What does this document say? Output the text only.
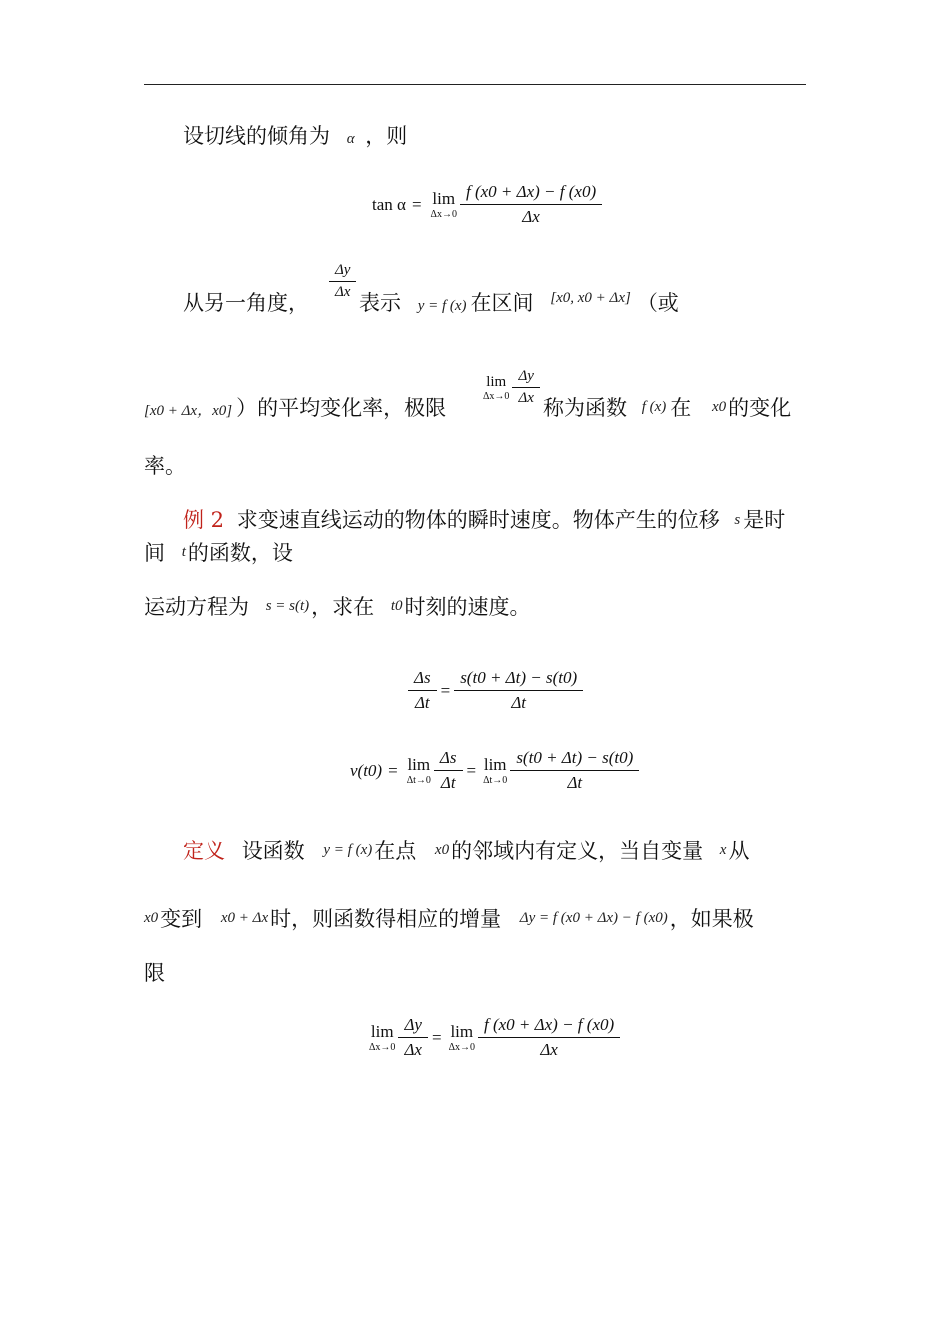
设切线的倾角为 α ，则
tan α = lim
$\Delta x\to 0 \frac{f (x0 + \Delta x) - f (x0)}{\Delta x}$
从另一角度，
$\frac{\Delta y}{\Delta x}$
表示 y = f (x) 在区间 [x0, x0 + Δx] （或
[x0 + Δx，x0] ）的平均变化率，极限
lim
$\Delta x\to 0 \frac{\Delta y}{\Delta x}$
称为函数 f (x) 在 x0的变化
率。
例 2 求变速直线运动的物体的瞬时速度。物体产生的位移 s 是时
间 t的函数，设
运动方程为 s = s(t)，求在 t0时刻的速度。
$\frac{\Delta s}{\Delta t} = \frac{s(t0 + \Delta t) - s(t0)}{\Delta t}$
v(t0) = lim
$\Delta t\to 0 \frac{\Delta s}{\Delta t} = \lim$
$\Delta t\to 0 \frac{s(t0 + \Delta t) - s(t0)}{\Delta t}$
定义 设函数 y = f (x)在点 x0的邻域内有定义，当自变量 x从
x0变到 x0 + Δx时，则函数得相应的增量 Δy = f (x0 + Δx) − f (x0)，如果极
限
lim
$\Delta x\to 0 \frac{\Delta y}{\Delta x} = \lim$
$\Delta x\to 0 \frac{f (x0 + \Delta x) - f (x0)}{\Delta x}$
